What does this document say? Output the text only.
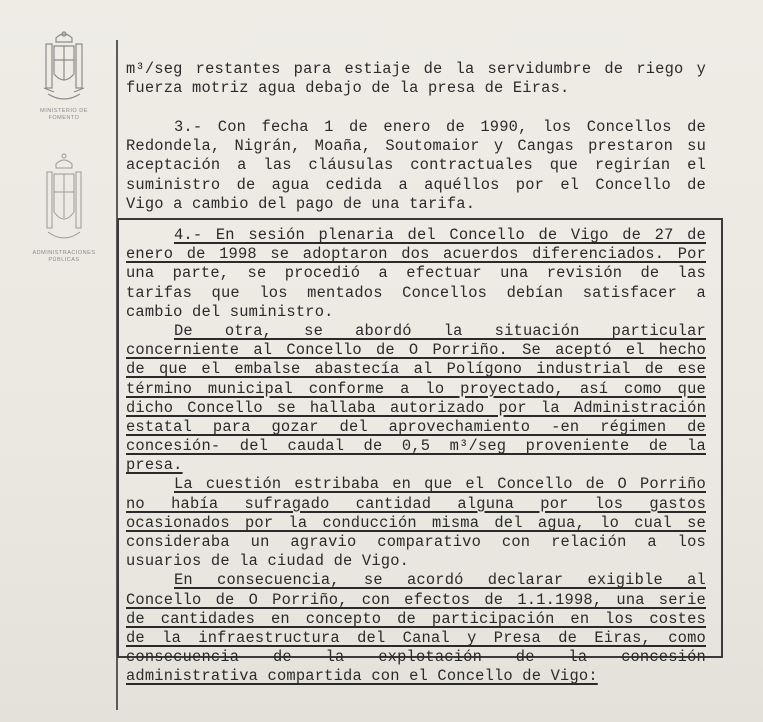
MINISTERIO DE
FOMENTO
ADMINISTRACIONES
PÚBLICAS
m³/seg restantes para estiaje de la servidumbre de riego y
fuerza motriz agua debajo de la presa de Eiras.
3.- Con fecha 1 de enero de 1990, los Concellos de
Redondela, Nigrán, Moaña, Soutomaior y Cangas prestaron su
aceptación a las cláusulas contractuales que regirían el
suministro de agua cedida a aquéllos por el Concello de
Vigo a cambio del pago de una tarifa.
4.- En sesión plenaria del Concello de Vigo de 27 de
enero de 1998 se adoptaron dos acuerdos diferenciados. Por
una parte, se procedió a efectuar una revisión de las
tarifas que los mentados Concellos debían satisfacer a
cambio del suministro.
De otra, se abordó la situación particular
concerniente al Concello de O Porriño. Se aceptó el hecho
de que el embalse abastecía al Polígono industrial de ese
término municipal conforme a lo proyectado, así como que
dicho Concello se hallaba autorizado por la Administración
estatal para gozar del aprovechamiento -en régimen de
concesión- del caudal de 0,5 m³/seg proveniente de la
presa.
La cuestión estribaba en que el Concello de O Porriño
no había sufragado cantidad alguna por los gastos
ocasionados por la conducción misma del agua, lo cual se
consideraba un agravio comparativo con relación a los
usuarios de la ciudad de Vigo.
En consecuencia, se acordó declarar exigible al
Concello de O Porriño, con efectos de 1.1.1998, una serie
de cantidades en concepto de participación en los costes
de la infraestructura del Canal y Presa de Eiras, como
consecuencia de la explotación de la concesión
administrativa compartida con el Concello de Vigo:
